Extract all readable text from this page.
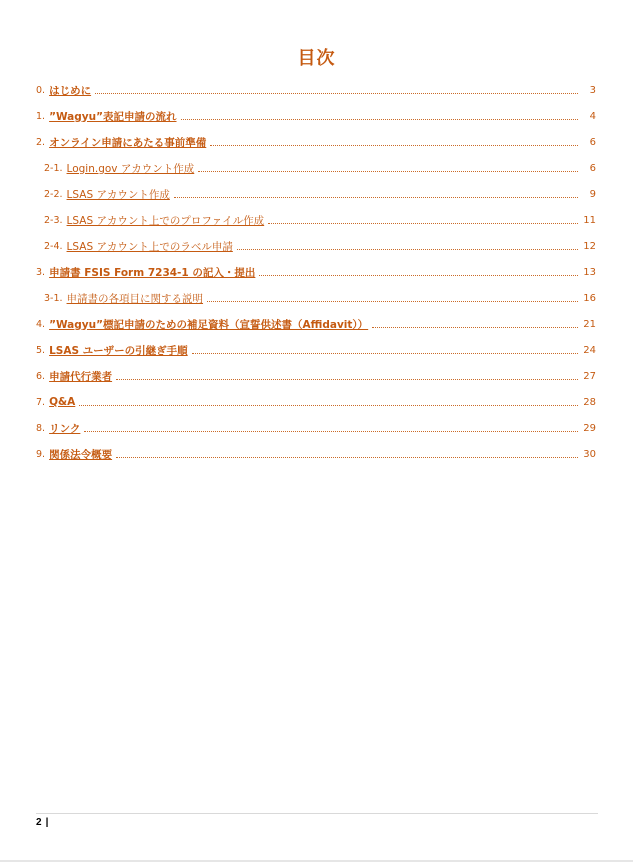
目次
0. はじめに	3
1. ”Wagyu”表記申請の流れ	4
2. オンライン申請にあたる事前準備	6
2-1. Login.gov アカウント作成	6
2-2. LSAS アカウント作成	9
2-3. LSAS アカウント上でのプロファイル作成	11
2-4. LSAS アカウント上でのラベル申請	12
3. 申請書 FSIS Form 7234-1 の記入・提出	13
3-1. 申請書の各項目に関する説明	16
4. ”Wagyu”標記申請のための補足資料（宣誓供述書（Affidavit））	21
5. LSAS ユーザーの引継ぎ手順	24
6. 申請代行業者	27
7. Q&A	28
8. リンク	29
9. 関係法令概要	30
2 |
